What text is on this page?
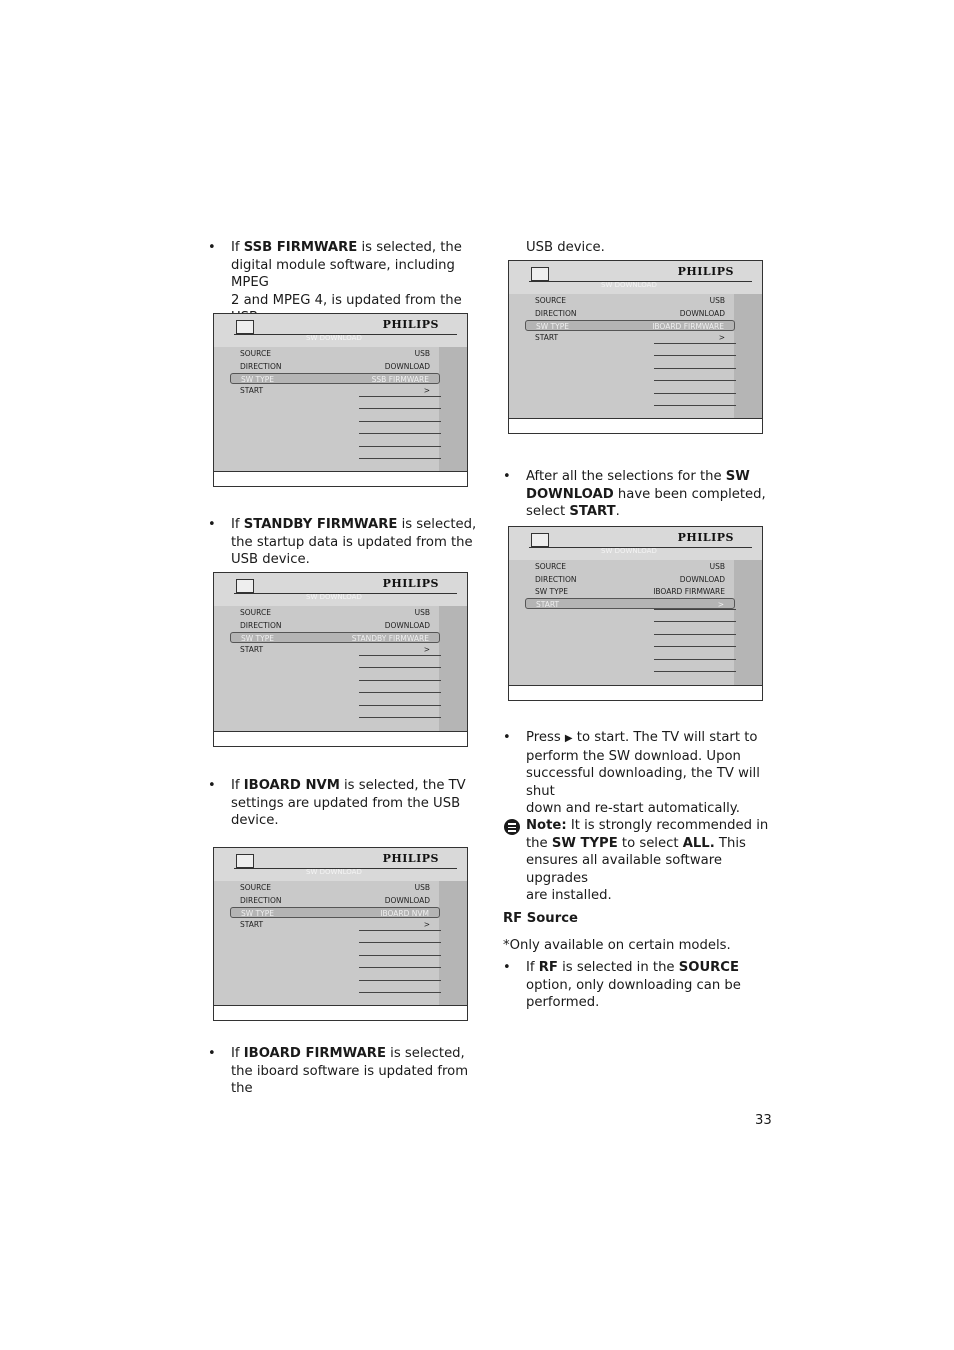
• If SSB FIRMWARE is selected, the
digital module software, including MPEG
2 and MPEG 4, is updated from the

PHILIPS
SW DOWNLOAD
SOURCE	USB
DIRECTION	DOWNLOAD
SW TYPE	SSB FIRMWARE
START	>
• If STANDBY FIRMWARE is selected,
the startup data is updated from the
USB device.
PHILIPS
SW DOWNLOAD
SOURCE	USB
DIRECTION	DOWNLOAD
SW TYPE	STANDBY FIRMWARE
START	>
• If IBOARD NVM is selected, the TV
settings are updated from the USB
device.
PHILIPS
SW DOWNLOAD
SOURCE	USB
DIRECTION	DOWNLOAD
SW TYPE	IBOARD NVM
START	>
• If IBOARD FIRMWARE is selected,
the iboard software is updated from the
USB device.
PHILIPS
SW DOWNLOAD
SOURCE	USB
DIRECTION	DOWNLOAD
SW TYPE	IBOARD FIRMWARE
START	>
• After all the selections for the SW
DOWNLOAD have been completed,
select START.
PHILIPS
SW DOWNLOAD
SOURCE	USB
DIRECTION	DOWNLOAD
SW TYPE	IBOARD FIRMWARE
START	>
• Press ▶ to start. The TV will start to
perform the SW download. Upon
successful downloading, the TV will shut
down and re-start automatically.
Note: It is strongly recommended in
the SW TYPE to select ALL. This
ensures all available software upgrades
are installed.
RF Source
*Only available on certain models.
• If RF is selected in the SOURCE
option, only downloading can be
performed.
33
